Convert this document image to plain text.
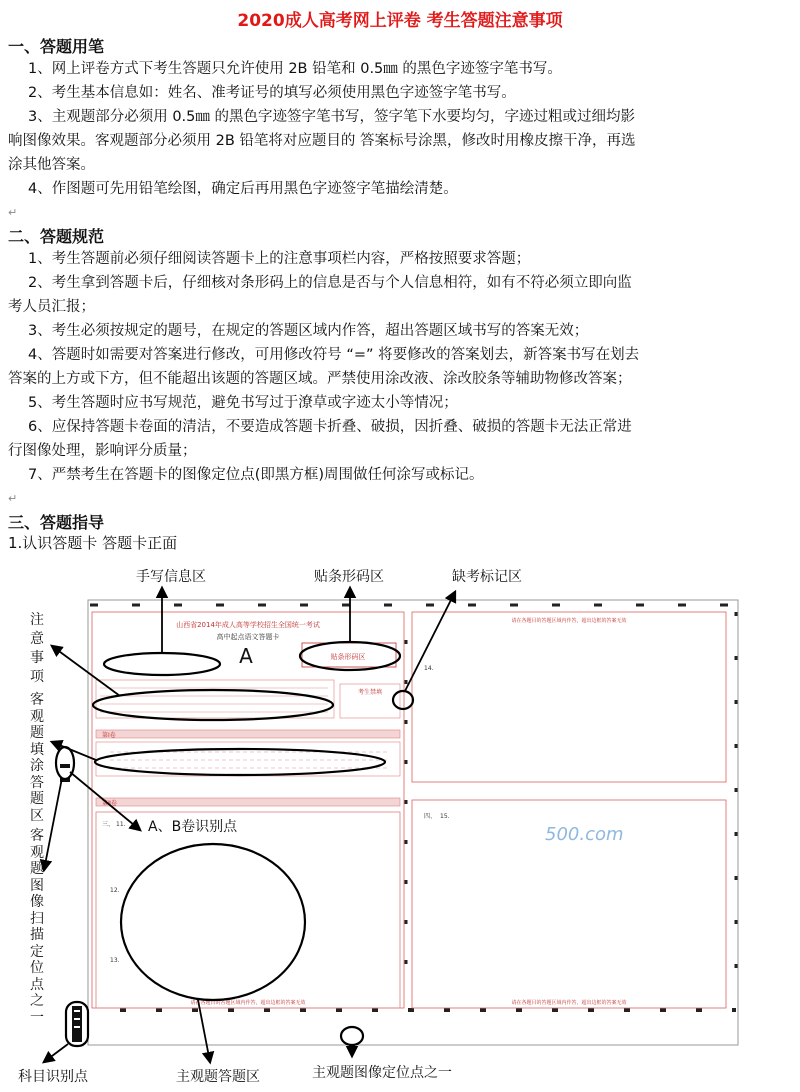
2020成人高考网上评卷 考生答题注意事项
一、答题用笔
1、网上评卷方式下考生答题只允许使用 2B 铅笔和 0.5㎜ 的黑色字迹签字笔书写。
2、考生基本信息如：姓名、准考证号的填写必须使用黑色字迹签字笔书写。
3、主观题部分必须用 0.5㎜ 的黑色字迹签字笔书写，签字笔下水要均匀，字迹过粗或过细均影
响图像效果。客观题部分必须用 2B 铅笔将对应题目的 答案标号涂黑，修改时用橡皮擦干净，再选
涂其他答案。
4、作图题可先用铅笔绘图，确定后再用黑色字迹签字笔描绘清楚。
↵
二、答题规范
1、考生答题前必须仔细阅读答题卡上的注意事项栏内容，严格按照要求答题；
2、考生拿到答题卡后，仔细核对条形码上的信息是否与个人信息相符，如有不符必须立即向监
考人员汇报；
3、考生必须按规定的题号，在规定的答题区域内作答，超出答题区域书写的答案无效；
4、答题时如需要对答案进行修改，可用修改符号 “=” 将要修改的答案划去，新答案书写在划去
答案的上方或下方，但不能超出该题的答题区域。严禁使用涂改液、涂改胶条等辅助物修改答案；
5、考生答题时应书写规范，避免书写过于潦草或字迹太小等情况；
6、应保持答题卡卷面的清洁，不要造成答题卡折叠、破损，因折叠、破损的答题卡无法正常进
行图像处理，影响评分质量；
7、严禁考生在答题卡的图像定位点(即黑方框)周围做任何涂写或标记。
↵
三、答题指导
1.认识答题卡 答题卡正面
山西省2014年成人高等学校招生全国统一考试
高中起点语文答题卡
A	贴条形码区
考生禁填
第Ⅰ卷
第Ⅱ卷
三、 11.
12.
13.
请在各题目的答题区域内作答，超出边框的答案无效
请在各题目的答题区域内作答，超出边框的答案无效
14.
四、 15.
请在各题目的答题区域内作答，超出边框的答案无效
500.com
手写信息区	贴条形码区	缺考标记区
A、B卷识别点
科目识别点	主观题答题区	主观题图像定位点之一
注
意
事
项
客
观
题
填
涂
答
题
区
客
观
题
图
像
扫
描
定
位
点
之
一
